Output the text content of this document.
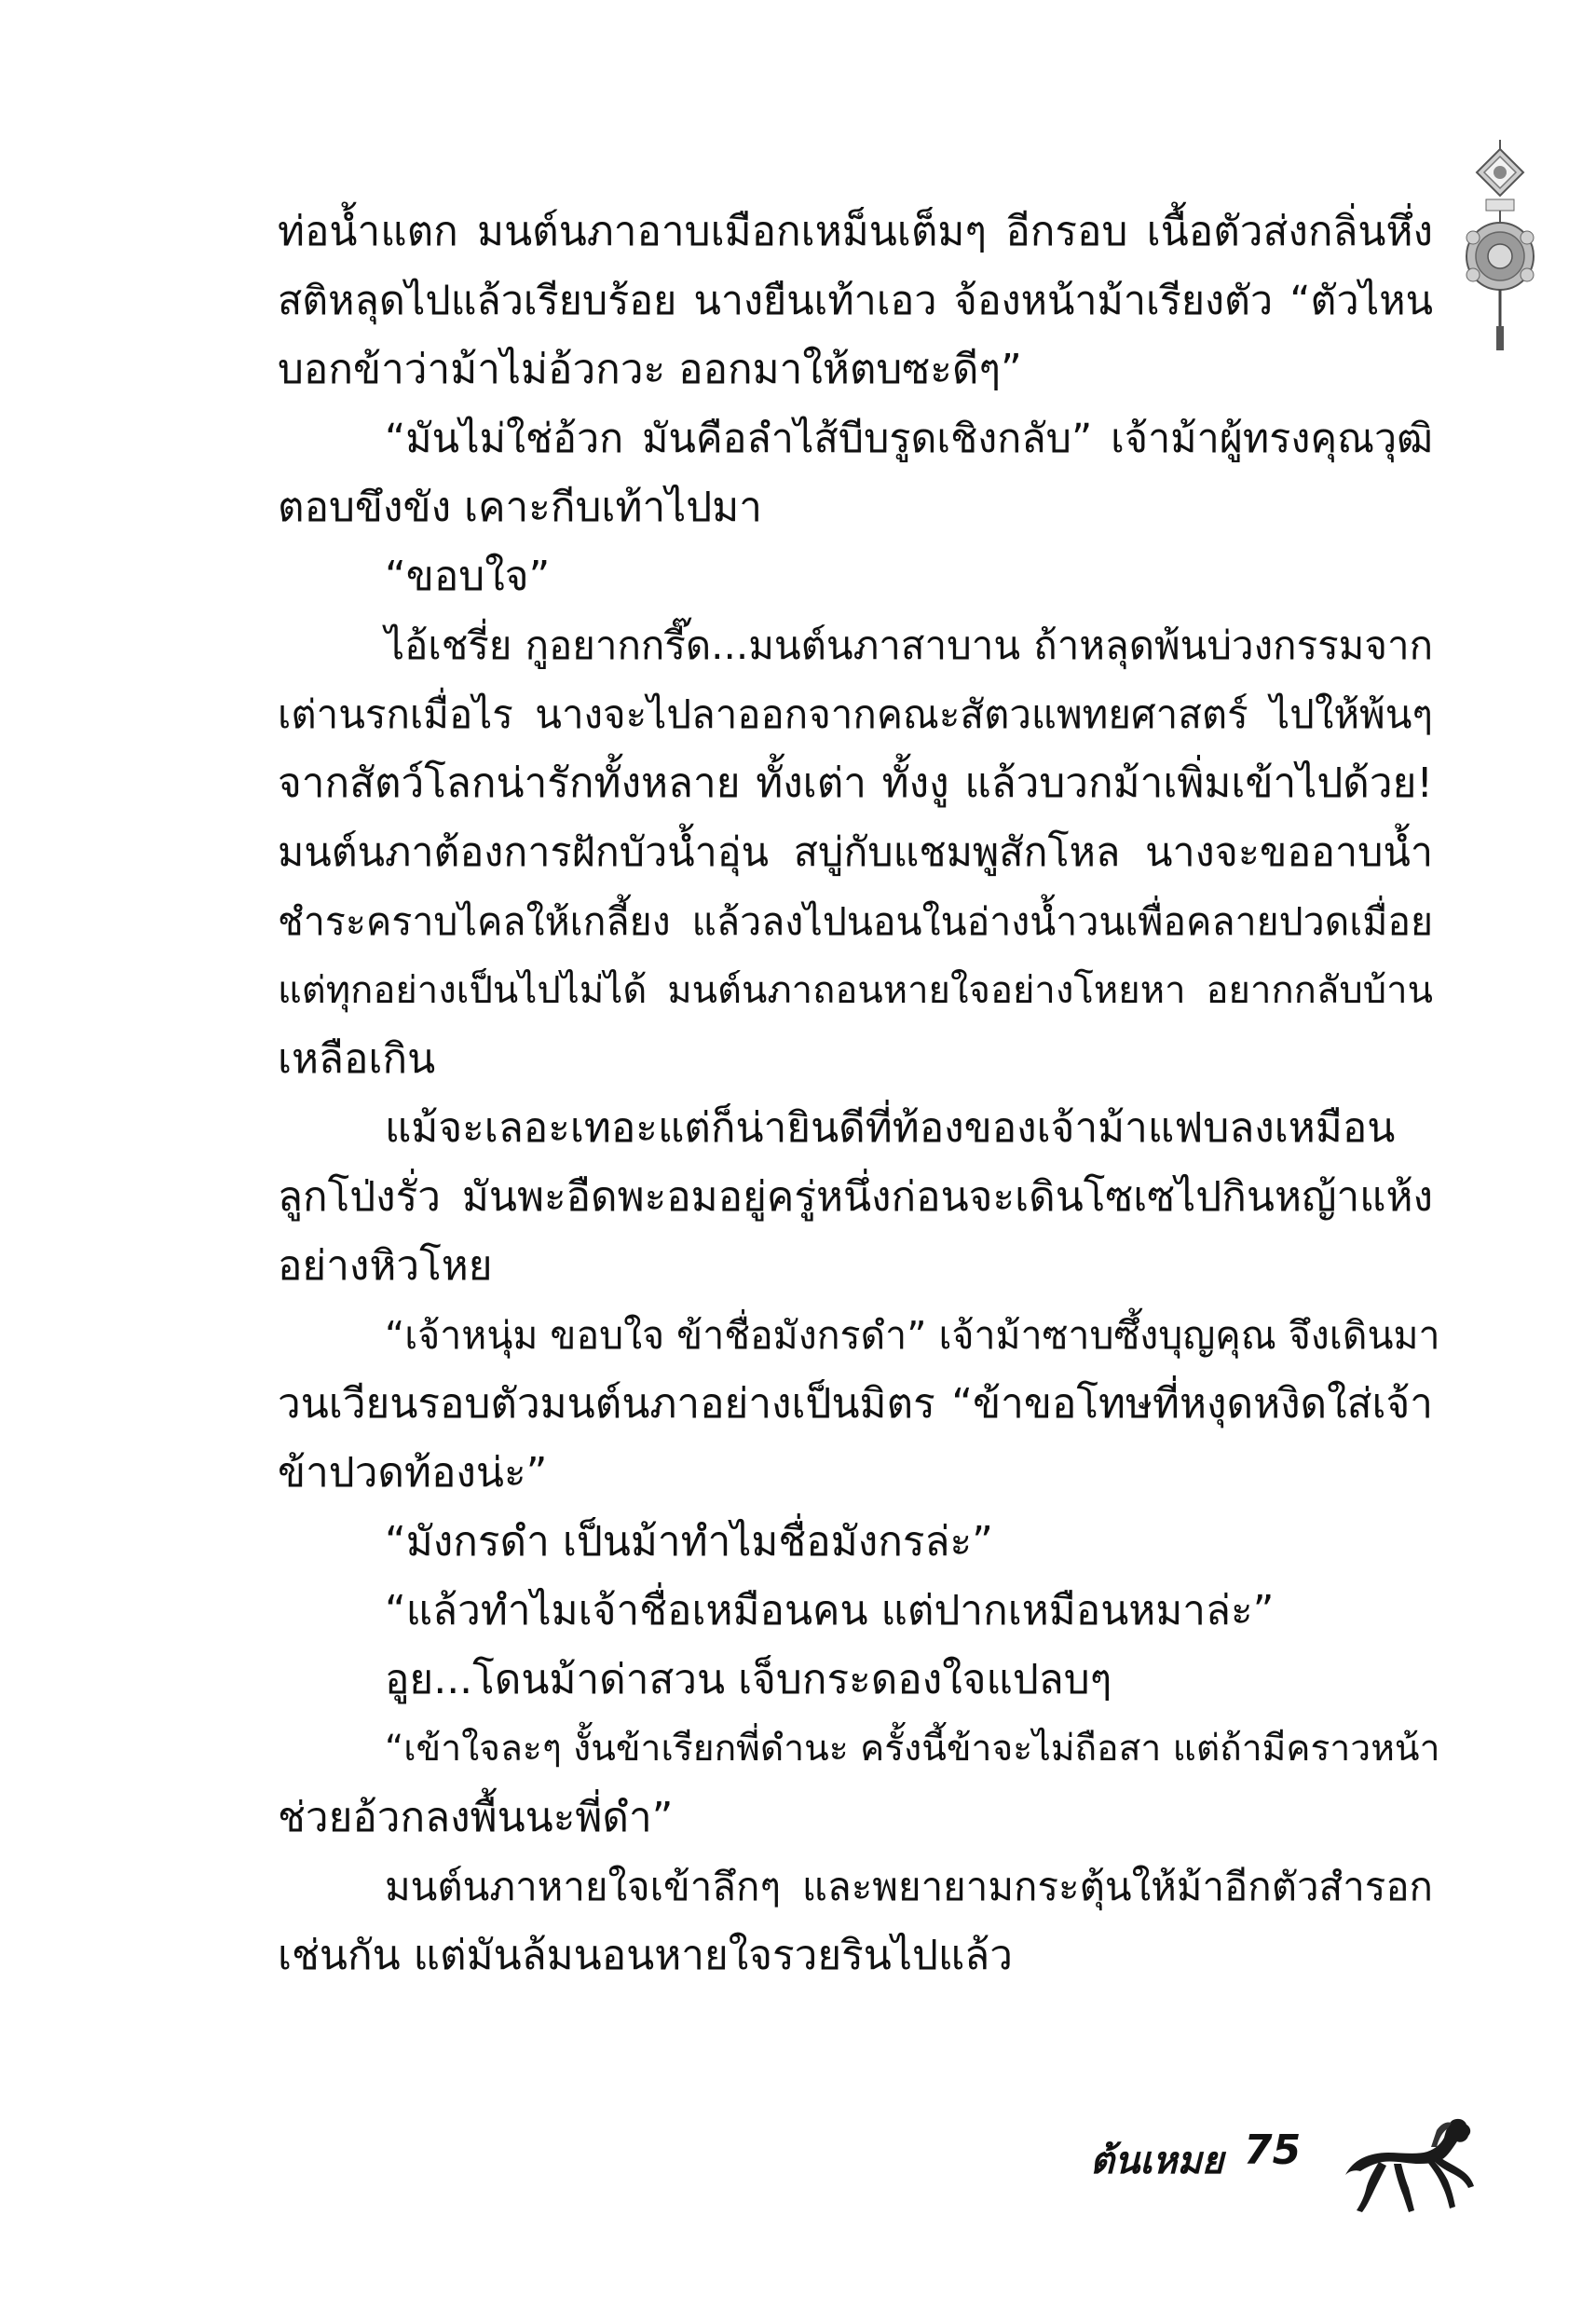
ท่อน้ำแตก มนต์นภาอาบเมือกเหม็นเต็มๆ อีกรอบ เนื้อตัวส่งกลิ่นหึ่ง
สติหลุดไปแล้วเรียบร้อย นางยืนเท้าเอว จ้องหน้าม้าเรียงตัว “ตัวไหน
บอกข้าว่าม้าไม่อ้วกวะ ออกมาให้ตบซะดีๆ”
“มันไม่ใช่อ้วก มันคือลำไส้บีบรูดเชิงกลับ” เจ้าม้าผู้ทรงคุณวุฒิ
ตอบขึงขัง เคาะกีบเท้าไปมา
“ขอบใจ”
ไอ้เชรี่ย กูอยากกรี๊ด...มนต์นภาสาบาน ถ้าหลุดพ้นบ่วงกรรมจาก
เต่านรกเมื่อไร นางจะไปลาออกจากคณะสัตวแพทยศาสตร์ ไปให้พ้นๆ
จากสัตว์โลกน่ารักทั้งหลาย ทั้งเต่า ทั้งงู แล้วบวกม้าเพิ่มเข้าไปด้วย!
มนต์นภาต้องการฝักบัวน้ำอุ่น สบู่กับแชมพูสักโหล นางจะขออาบน้ำ
ชำระคราบไคลให้เกลี้ยง แล้วลงไปนอนในอ่างน้ำวนเพื่อคลายปวดเมื่อย
แต่ทุกอย่างเป็นไปไม่ได้ มนต์นภาถอนหายใจอย่างโหยหา อยากกลับบ้าน
เหลือเกิน
แม้จะเลอะเทอะแต่ก็น่ายินดีที่ท้องของเจ้าม้าแฟบลงเหมือน
ลูกโป่งรั่ว มันพะอืดพะอมอยู่ครู่หนึ่งก่อนจะเดินโซเซไปกินหญ้าแห้ง
อย่างหิวโหย
“เจ้าหนุ่ม ขอบใจ ข้าชื่อมังกรดำ” เจ้าม้าซาบซึ้งบุญคุณ จึงเดินมา
วนเวียนรอบตัวมนต์นภาอย่างเป็นมิตร “ข้าขอโทษที่หงุดหงิดใส่เจ้า
ข้าปวดท้องน่ะ”
“มังกรดำ เป็นม้าทำไมชื่อมังกรล่ะ”
“แล้วทำไมเจ้าชื่อเหมือนคน แต่ปากเหมือนหมาล่ะ”
อูย...โดนม้าด่าสวน เจ็บกระดองใจแปลบๆ
“เข้าใจละๆ งั้นข้าเรียกพี่ดำนะ ครั้งนี้ข้าจะไม่ถือสา แต่ถ้ามีคราวหน้า
ช่วยอ้วกลงพื้นนะพี่ดำ”
มนต์นภาหายใจเข้าลึกๆ และพยายามกระตุ้นให้ม้าอีกตัวสำรอก
เช่นกัน แต่มันล้มนอนหายใจรวยรินไปแล้ว
ต้นเหมย 75
